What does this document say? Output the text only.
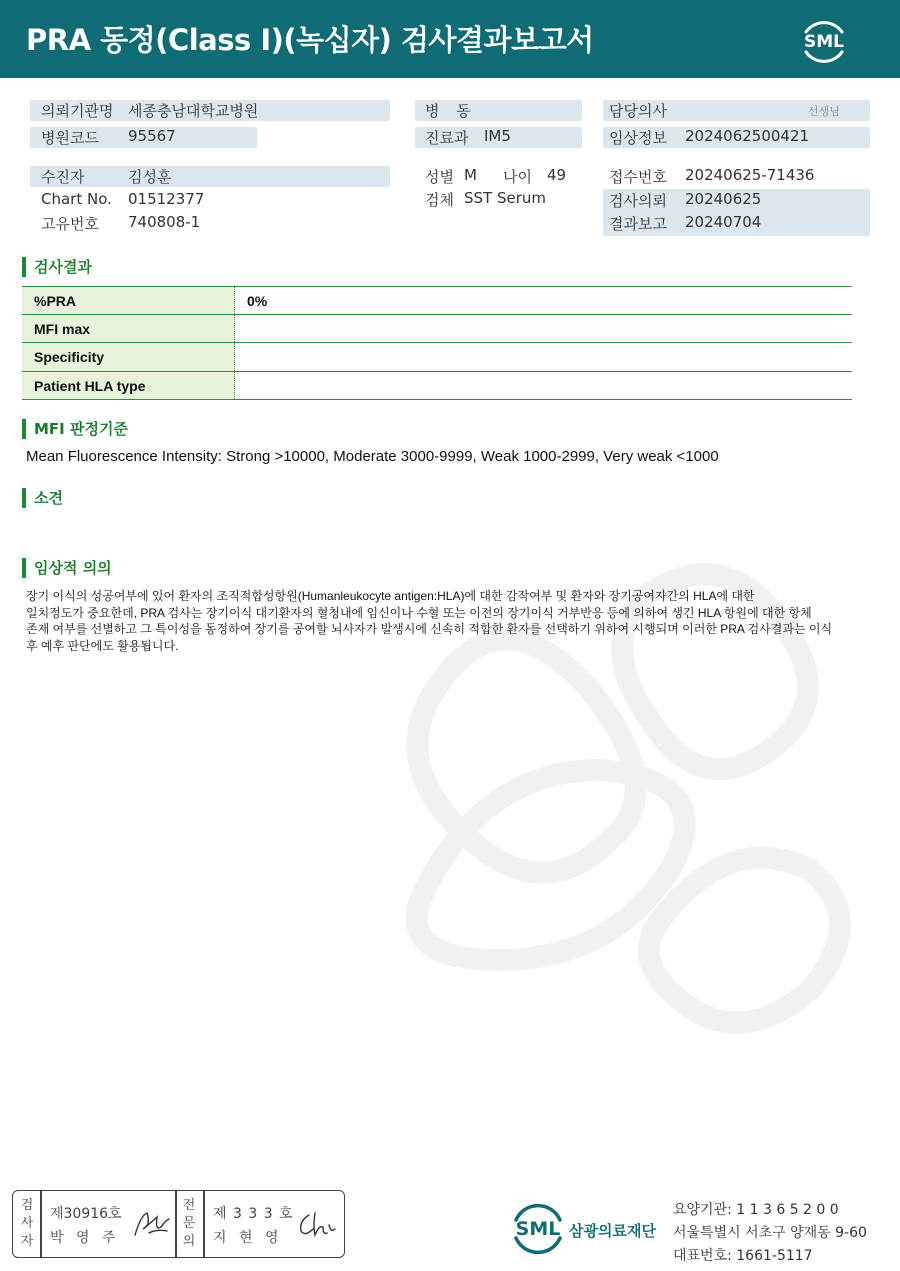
PRA 동정(Class I)(녹십자) 검사결과보고서	SML
의뢰기관명 세종충남대학교병원
병원코드 95567
병 동
진료과 IM5
담당의사	선생님
임상정보 2024062500421
수진자	김성훈
Chart No. 01512377
고유번호 740808-1
성별 M 나이 49
검체 SST Serum
접수번호 20240625-71436
검사의뢰 20240625
결과보고 20240704
검사결과
%PRA	0%
MFI max
Specificity
Patient HLA type
MFI 판정기준
Mean Fluorescence Intensity: Strong >10000, Moderate 3000-9999, Weak 1000-2999, Very weak <1000
소견
임상적 의의
장기 이식의 성공여부에 있어 환자의 조직적합성항원(Humanleukocyte antigen:HLA)에 대한 감작여부 및 환자와 장기공여자간의 HLA에 대한
일치정도가 중요한데, PRA 검사는 장기이식 대기환자의 혈청내에 임신이나 수혈 또는 이전의 장기이식 거부반응 등에 의하여 생긴 HLA 항원에 대한 항체
존재 여부를 선별하고 그 특이성을 동정하여 장기를 공여할 뇌사자가 발생시에 신속히 적합한 환자를 선택하기 위하여 시행되며 이러한 PRA 검사결과는 이식
후 예후 판단에도 활용됩니다.
검
사
자
제30916호
박 영 주
전
문
의
제 3 3 3 호
지 현 영	SML 삼광의료재단
요양기관: 1 1 3 6 5 2 0 0
서울특별시 서초구 양재동 9-60
대표번호: 1661-5117
